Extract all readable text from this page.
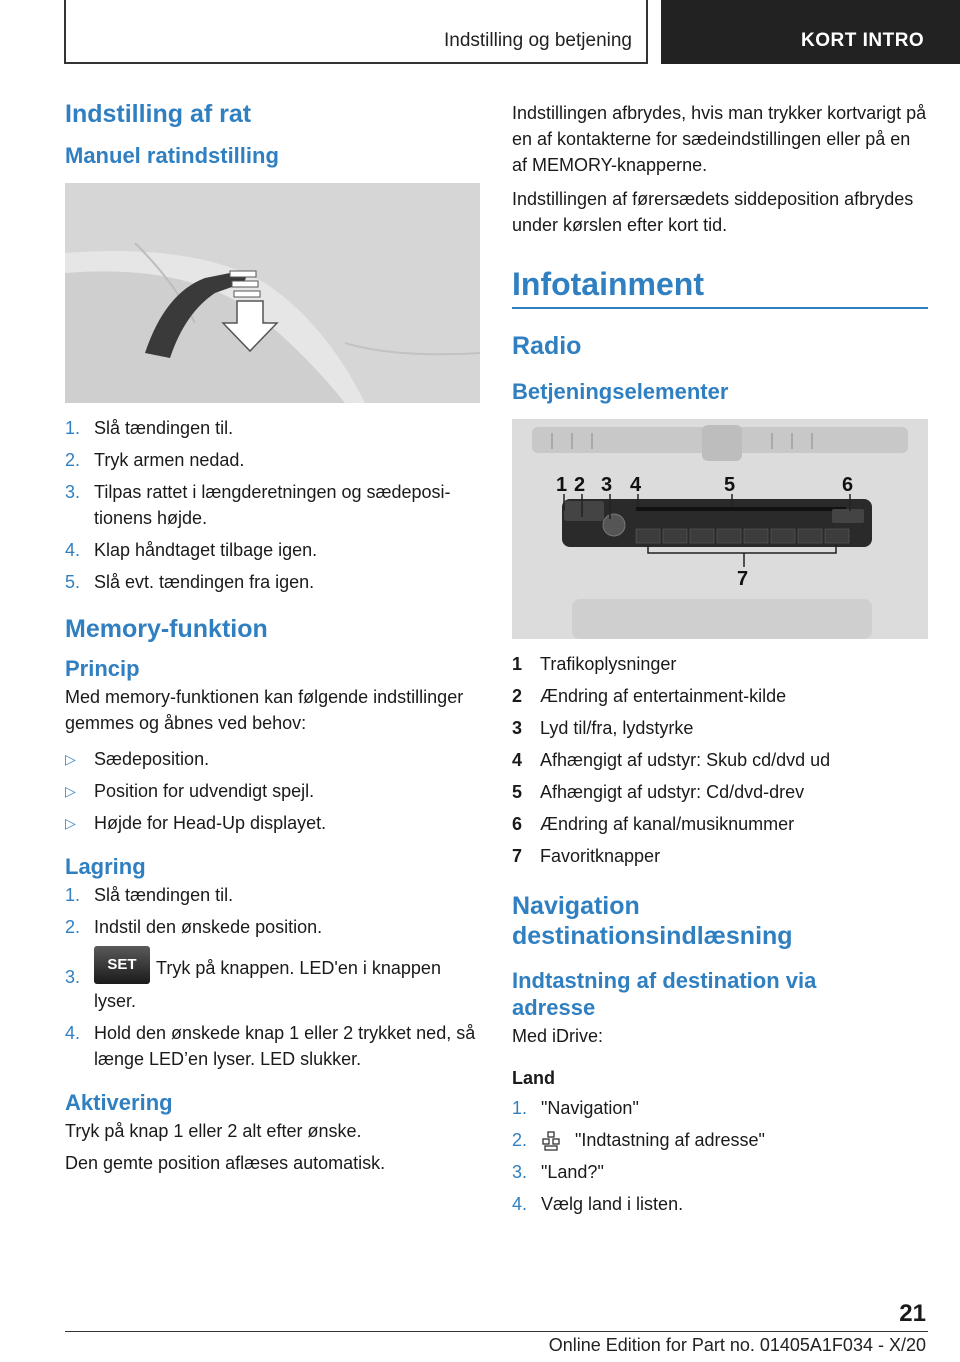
Indstilling og betjening	KORT INTRO
Indstilling af rat
Manuel ratindstilling
1. Slå tændingen til.
2. Tryk armen nedad.
3. Tilpas rattet i længderetningen og sædepositionens højde.
4. Klap håndtaget tilbage igen.
5. Slå evt. tændingen fra igen.
Memory-funktion
Princip

Med memory-funktionen kan følgende indstillinger gemmes og åbnes ved behov:

▷ Sædeposition.
▷ Position for udvendigt spejl.
▷ Højde for Head-Up displayet.
Lagring
1. Slå tændingen til.
2. Indstil den ønskede position.
3.
SET Tryk på knappen. LED'en i knappen lyser.
4. Hold den ønskede knap 1 eller 2 trykket ned, så længe LED’en lyser. LED slukker.
Aktivering

Tryk på knap 1 eller 2 alt efter ønske.

Den gemte position aflæses automatisk.

Indstillingen afbrydes, hvis man trykker kortvarigt på en af kontakterne for sædeindstillingen eller på en af MEMORY-knapperne.

Indstillingen af førersædets siddeposition afbrydes under kørslen efter kort tid.

Infotainment
Radio
Betjeningselementer
1 2 3 4	5	6
7
1 Trafikoplysninger
2 Ændring af entertainment-kilde
3 Lyd til/fra, lydstyrke
4 Afhængigt af udstyr: Skub cd/dvd ud
5 Afhængigt af udstyr: Cd/dvd-drev
6 Ændring af kanal/musiknummer
7 Favoritknapper
Navigation destinationsindlæsning
Indtastning af destination via adresse

Med iDrive:

Land

1. "Navigation"
2.	"Indtastning af adresse"
3. "Land?"
4. Vælg land i listen.
21
Online Edition for Part no. 01405A1F034 - X/20
